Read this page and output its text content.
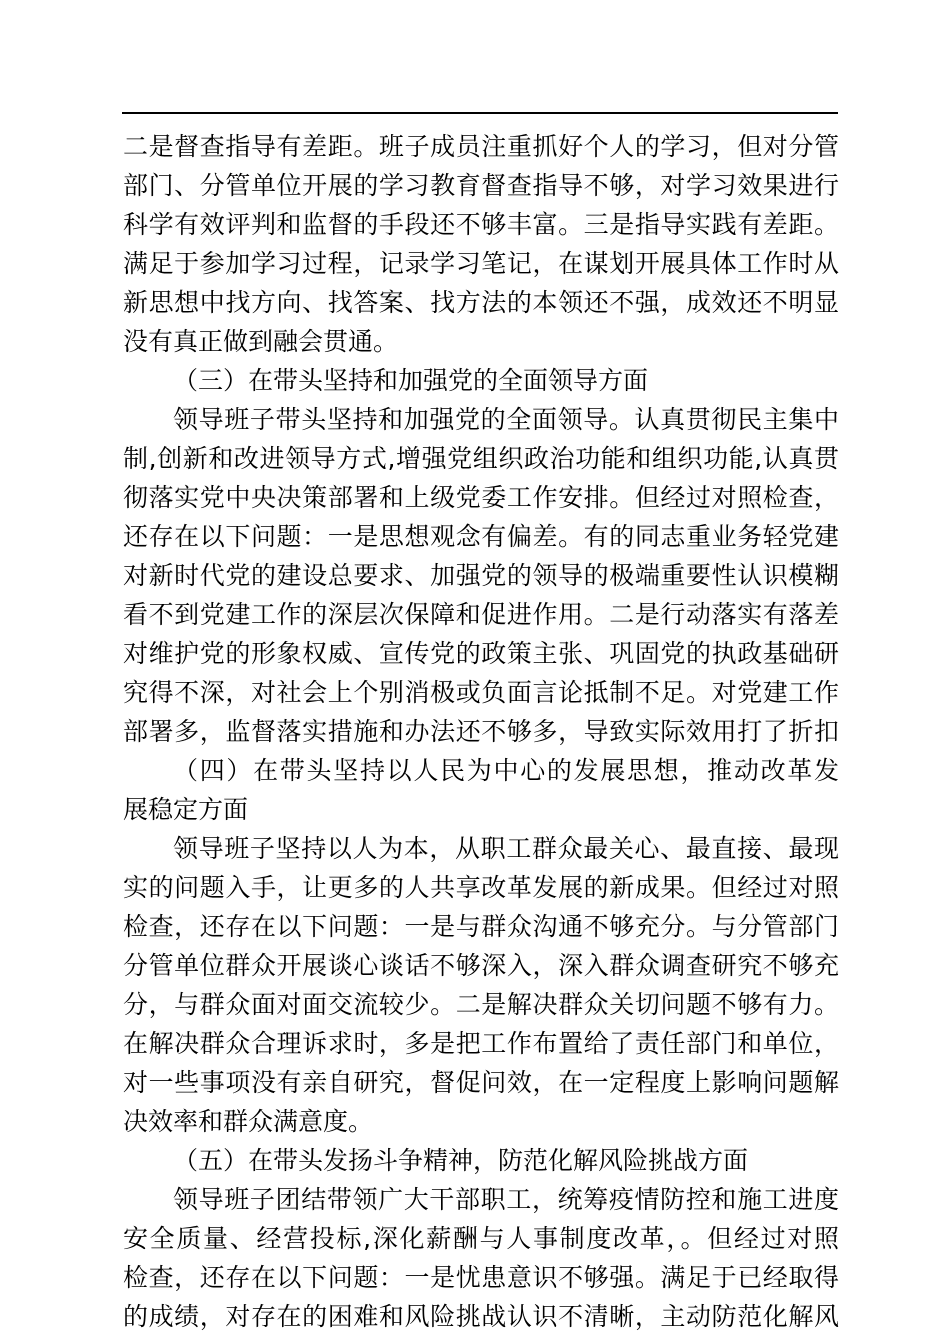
二是督查指导有差距。班子成员注重抓好个人的学习，但对分管
部门、分管单位开展的学习教育督查指导不够，对学习效果进行
科学有效评判和监督的手段还不够丰富。三是指导实践有差距。
满足于参加学习过程，记录学习笔记，在谋划开展具体工作时从
新思想中找方向、找答案、找方法的本领还不强，成效还不明显
没有真正做到融会贯通。
（三）在带头坚持和加强党的全面领导方面
领导班子带头坚持和加强党的全面领导。认真贯彻民主集中
制,创新和改进领导方式,增强党组织政治功能和组织功能,认真贯
彻落实党中央决策部署和上级党委工作安排。但经过对照检查，
还存在以下问题：一是思想观念有偏差。有的同志重业务轻党建
对新时代党的建设总要求、加强党的领导的极端重要性认识模糊
看不到党建工作的深层次保障和促进作用。二是行动落实有落差
对维护党的形象权威、宣传党的政策主张、巩固党的执政基础研
究得不深，对社会上个别消极或负面言论抵制不足。对党建工作
部署多，监督落实措施和办法还不够多，导致实际效用打了折扣
（四）在带头坚持以人民为中心的发展思想，推动改革发
展稳定方面
领导班子坚持以人为本，从职工群众最关心、最直接、最现
实的问题入手，让更多的人共享改革发展的新成果。但经过对照
检查，还存在以下问题：一是与群众沟通不够充分。与分管部门
分管单位群众开展谈心谈话不够深入，深入群众调查研究不够充
分，与群众面对面交流较少。二是解决群众关切问题不够有力。
在解决群众合理诉求时，多是把工作布置给了责任部门和单位，
对一些事项没有亲自研究，督促问效，在一定程度上影响问题解
决效率和群众满意度。
（五）在带头发扬斗争精神，防范化解风险挑战方面
领导班子团结带领广大干部职工，统筹疫情防控和施工进度
安全质量、经营投标,深化薪酬与人事制度改革，。但经过对照
检查，还存在以下问题：一是忧患意识不够强。满足于已经取得
的成绩，对存在的困难和风险挑战认识不清晰，主动防范化解风
